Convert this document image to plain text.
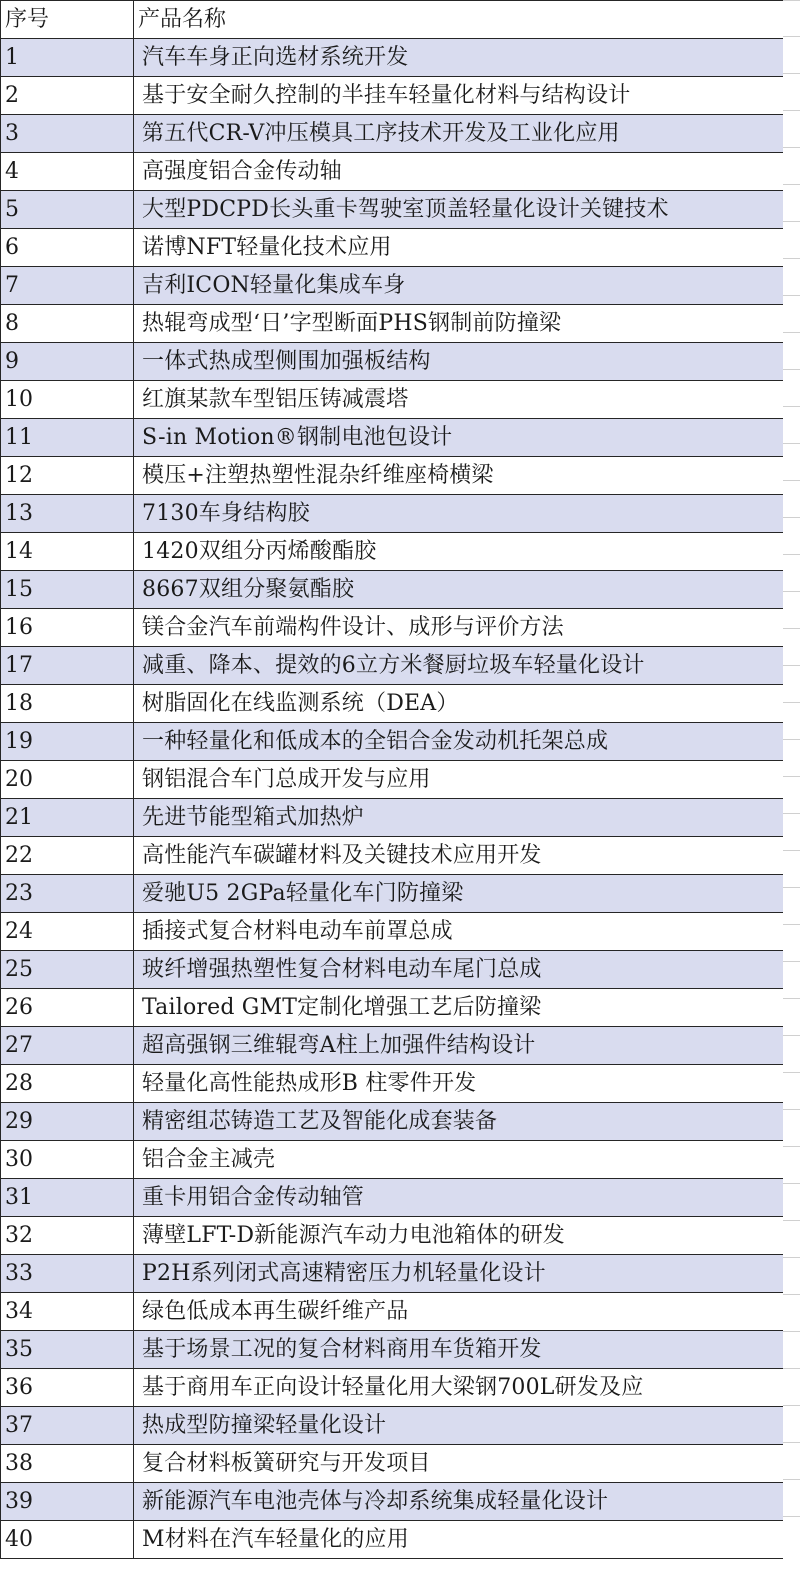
序号	产品名称
1	汽车车身正向选材系统开发
2	基于安全耐久控制的半挂车轻量化材料与结构设计
3	第五代CR-V冲压模具工序技术开发及工业化应用
4	高强度铝合金传动轴
5	大型PDCPD长头重卡驾驶室顶盖轻量化设计关键技术
6	诺博NFT轻量化技术应用
7	吉利ICON轻量化集成车身
8	热辊弯成型‘日’字型断面PHS钢制前防撞梁
9	一体式热成型侧围加强板结构
10	红旗某款车型铝压铸减震塔
11	S-in Motion®钢制电池包设计
12	模压+注塑热塑性混杂纤维座椅横梁
13	7130车身结构胶
14	1420双组分丙烯酸酯胶
15	8667双组分聚氨酯胶
16	镁合金汽车前端构件设计、成形与评价方法
17	减重、降本、提效的6立方米餐厨垃圾车轻量化设计
18	树脂固化在线监测系统（DEA）
19	一种轻量化和低成本的全铝合金发动机托架总成
20	钢铝混合车门总成开发与应用
21	先进节能型箱式加热炉
22	高性能汽车碳罐材料及关键技术应用开发
23	爱驰U5 2GPa轻量化车门防撞梁
24	插接式复合材料电动车前罩总成
25	玻纤增强热塑性复合材料电动车尾门总成
26	Tailored GMT定制化增强工艺后防撞梁
27	超高强钢三维辊弯A柱上加强件结构设计
28	轻量化高性能热成形B 柱零件开发
29	精密组芯铸造工艺及智能化成套装备
30	铝合金主减壳
31	重卡用铝合金传动轴管
32	薄壁LFT-D新能源汽车动力电池箱体的研发
33	P2H系列闭式高速精密压力机轻量化设计
34	绿色低成本再生碳纤维产品
35	基于场景工况的复合材料商用车货箱开发
36	基于商用车正向设计轻量化用大梁钢700L研发及应
37	热成型防撞梁轻量化设计
38	复合材料板簧研究与开发项目
39	新能源汽车电池壳体与冷却系统集成轻量化设计
40	M材料在汽车轻量化的应用
